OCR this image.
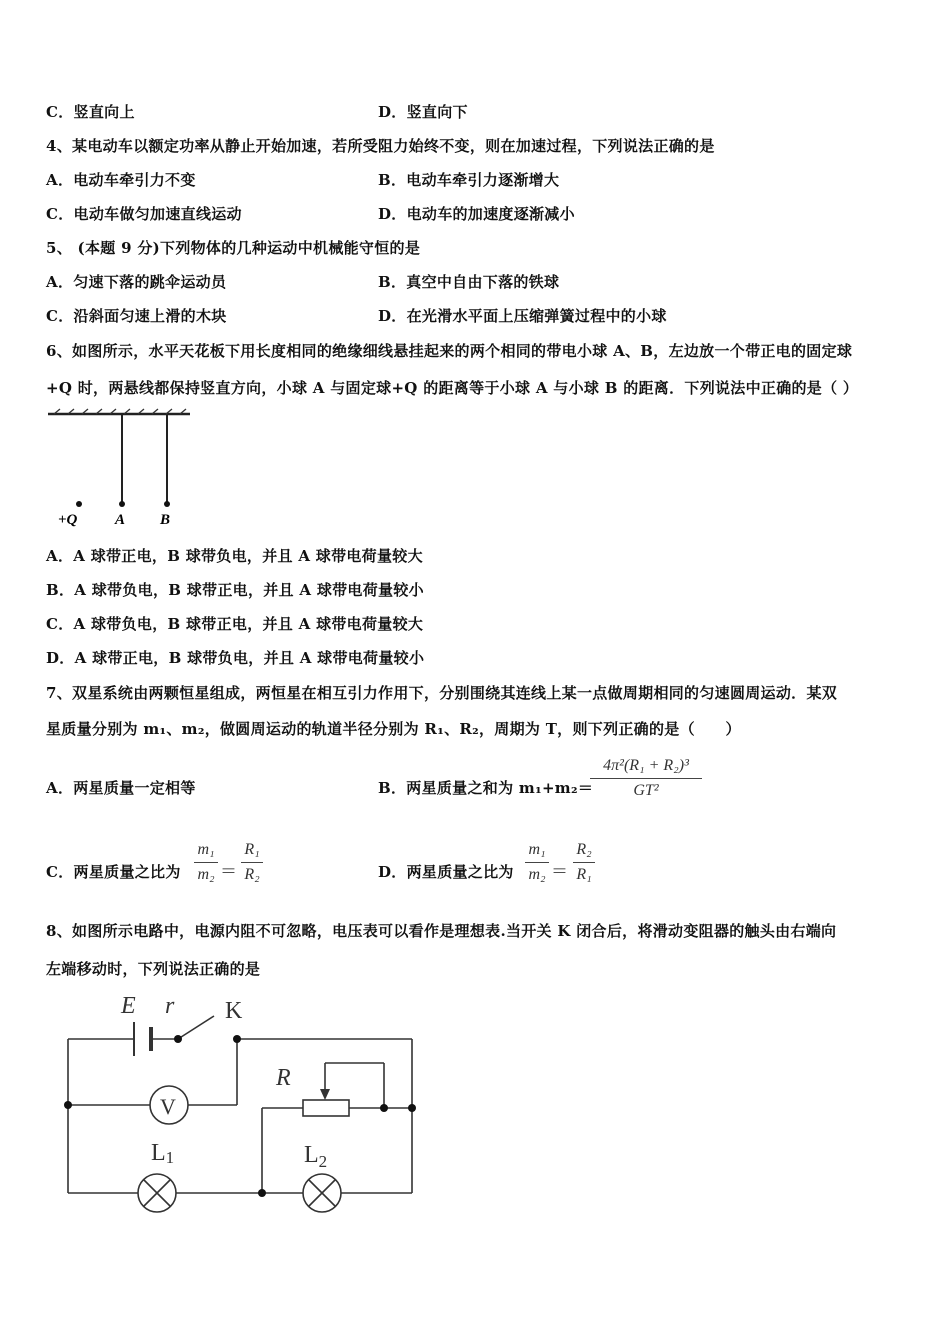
C．竖直向上	D．竖直向下
4、某电动车以额定功率从静止开始加速，若所受阻力始终不变，则在加速过程，下列说法正确的是
A．电动车牵引力不变	B．电动车牵引力逐渐增大
C．电动车做匀加速直线运动	D．电动车的加速度逐渐减小
5、 (本题 9 分)下列物体的几种运动中机械能守恒的是
A．匀速下落的跳伞运动员	B．真空中自由下落的铁球
C．沿斜面匀速上滑的木块	D．在光滑水平面上压缩弹簧过程中的小球
6、如图所示，水平天花板下用长度相同的绝缘细线悬挂起来的两个相同的带电小球 A、B，左边放一个带正电的固定球
+Q 时，两悬线都保持竖直方向，小球 A 与固定球+Q 的距离等于小球 A 与小球 B 的距离．下列说法中正确的是（ ）
+Q	A B
A．A 球带正电，B 球带负电，并且 A 球带电荷量较大
B．A 球带负电，B 球带正电，并且 A 球带电荷量较小
C．A 球带负电，B 球带正电，并且 A 球带电荷量较大
D．A 球带正电，B 球带负电，并且 A 球带电荷量较小
7、双星系统由两颗恒星组成，两恒星在相互引力作用下，分别围绕其连线上某一点做周期相同的匀速圆周运动．某双
星质量分别为 m₁、m₂，做圆周运动的轨道半径分别为 R₁、R₂，周期为 T，则下列正确的是（　　）
A．两星质量一定相等	B．两星质量之和为 m₁+m₂＝
4π²(R₁ + R₂)³
GT²
C．两星质量之比为
m₁
m₂ ＝
R₁
R₂	D．两星质量之比为
m₁
m₂ ＝
R₂
R₁
8、如图所示电路中，电源内阻不可忽略，电压表可以看作是理想表.当开关 K 闭合后，将滑动变阻器的触头由右端向
左端移动时，下列说法正确的是
E r K
V
R
L1	$L_2$
